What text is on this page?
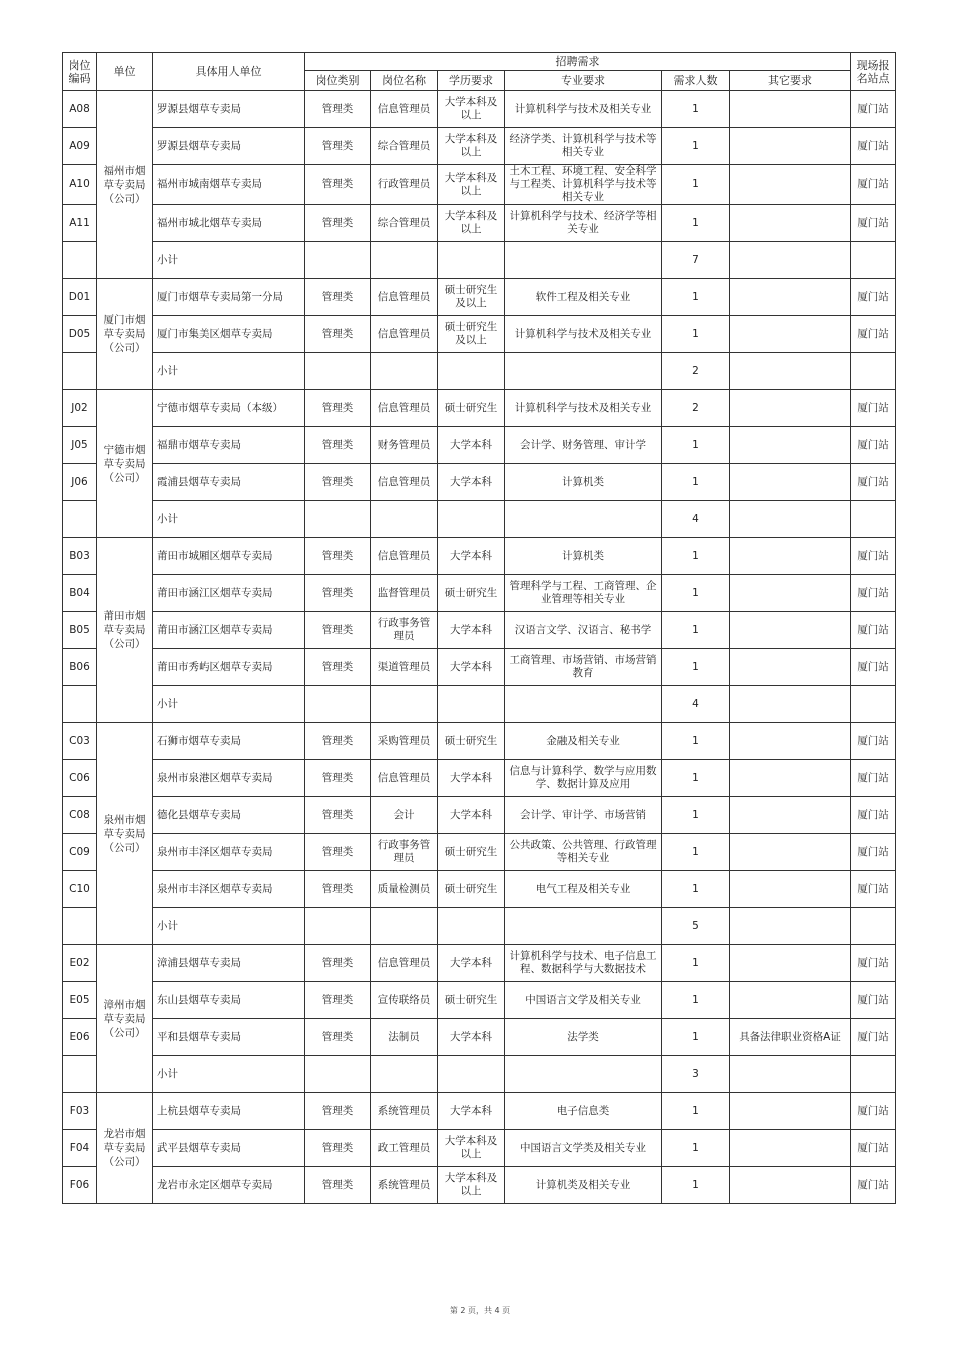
岗位编码	单位	具体用人单位	招聘需求						现场报名站点
			岗位类别	岗位名称	学历要求	专业要求	需求人数	其它要求	
A08	福州市烟草专卖局（公司）	罗源县烟草专卖局	管理类	信息管理员	大学本科及以上	计算机科学与技术及相关专业	1		厦门站
A09		罗源县烟草专卖局	管理类	综合管理员	大学本科及以上	经济学类、计算机科学与技术等相关专业	1		厦门站
A10		福州市城南烟草专卖局	管理类	行政管理员	大学本科及以上	土木工程、环境工程、安全科学与工程类、计算机科学与技术等相关专业	1		厦门站
A11		福州市城北烟草专卖局	管理类	综合管理员	大学本科及以上	计算机科学与技术、经济学等相关专业	1		厦门站
		小计					7		
D01	厦门市烟草专卖局（公司）	厦门市烟草专卖局第一分局	管理类	信息管理员	硕士研究生及以上	软件工程及相关专业	1		厦门站
D05		厦门市集美区烟草专卖局	管理类	信息管理员	硕士研究生及以上	计算机科学与技术及相关专业	1		厦门站
		小计					2		
J02	宁德市烟草专卖局（公司）	宁德市烟草专卖局（本级）	管理类	信息管理员	硕士研究生	计算机科学与技术及相关专业	2		厦门站
J05		福鼎市烟草专卖局	管理类	财务管理员	大学本科	会计学、财务管理、审计学	1		厦门站
J06		霞浦县烟草专卖局	管理类	信息管理员	大学本科	计算机类	1		厦门站
		小计					4		
B03	莆田市烟草专卖局（公司）	莆田市城厢区烟草专卖局	管理类	信息管理员	大学本科	计算机类	1		厦门站
B04		莆田市涵江区烟草专卖局	管理类	监督管理员	硕士研究生	管理科学与工程、工商管理、企业管理等相关专业	1		厦门站
B05		莆田市涵江区烟草专卖局	管理类	行政事务管理员	大学本科	汉语言文学、汉语言、秘书学	1		厦门站
B06		莆田市秀屿区烟草专卖局	管理类	渠道管理员	大学本科	工商管理、市场营销、市场营销教育	1		厦门站
		小计					4		
C03	泉州市烟草专卖局（公司）	石狮市烟草专卖局	管理类	采购管理员	硕士研究生	金融及相关专业	1		厦门站
C06		泉州市泉港区烟草专卖局	管理类	信息管理员	大学本科	信息与计算科学、数学与应用数学、数据计算及应用	1		厦门站
C08		德化县烟草专卖局	管理类	会计	大学本科	会计学、审计学、市场营销	1		厦门站
C09		泉州市丰泽区烟草专卖局	管理类	行政事务管理员	硕士研究生	公共政策、公共管理、行政管理等相关专业	1		厦门站
C10		泉州市丰泽区烟草专卖局	管理类	质量检测员	硕士研究生	电气工程及相关专业	1		厦门站
		小计					5		
E02	漳州市烟草专卖局（公司）	漳浦县烟草专卖局	管理类	信息管理员	大学本科	计算机科学与技术、电子信息工程、数据科学与大数据技术	1		厦门站
E05		东山县烟草专卖局	管理类	宣传联络员	硕士研究生	中国语言文学及相关专业	1		厦门站
E06		平和县烟草专卖局	管理类	法制员	大学本科	法学类	1	具备法律职业资格A证	厦门站
		小计					3		
F03	龙岩市烟草专卖局（公司）	上杭县烟草专卖局	管理类	系统管理员	大学本科	电子信息类	1		厦门站
F04		武平县烟草专卖局	管理类	政工管理员	大学本科及以上	中国语言文学类及相关专业	1		厦门站
F06		龙岩市永定区烟草专卖局	管理类	系统管理员	大学本科及以上	计算机类及相关专业	1		厦门站
第 2 页，共 4 页
